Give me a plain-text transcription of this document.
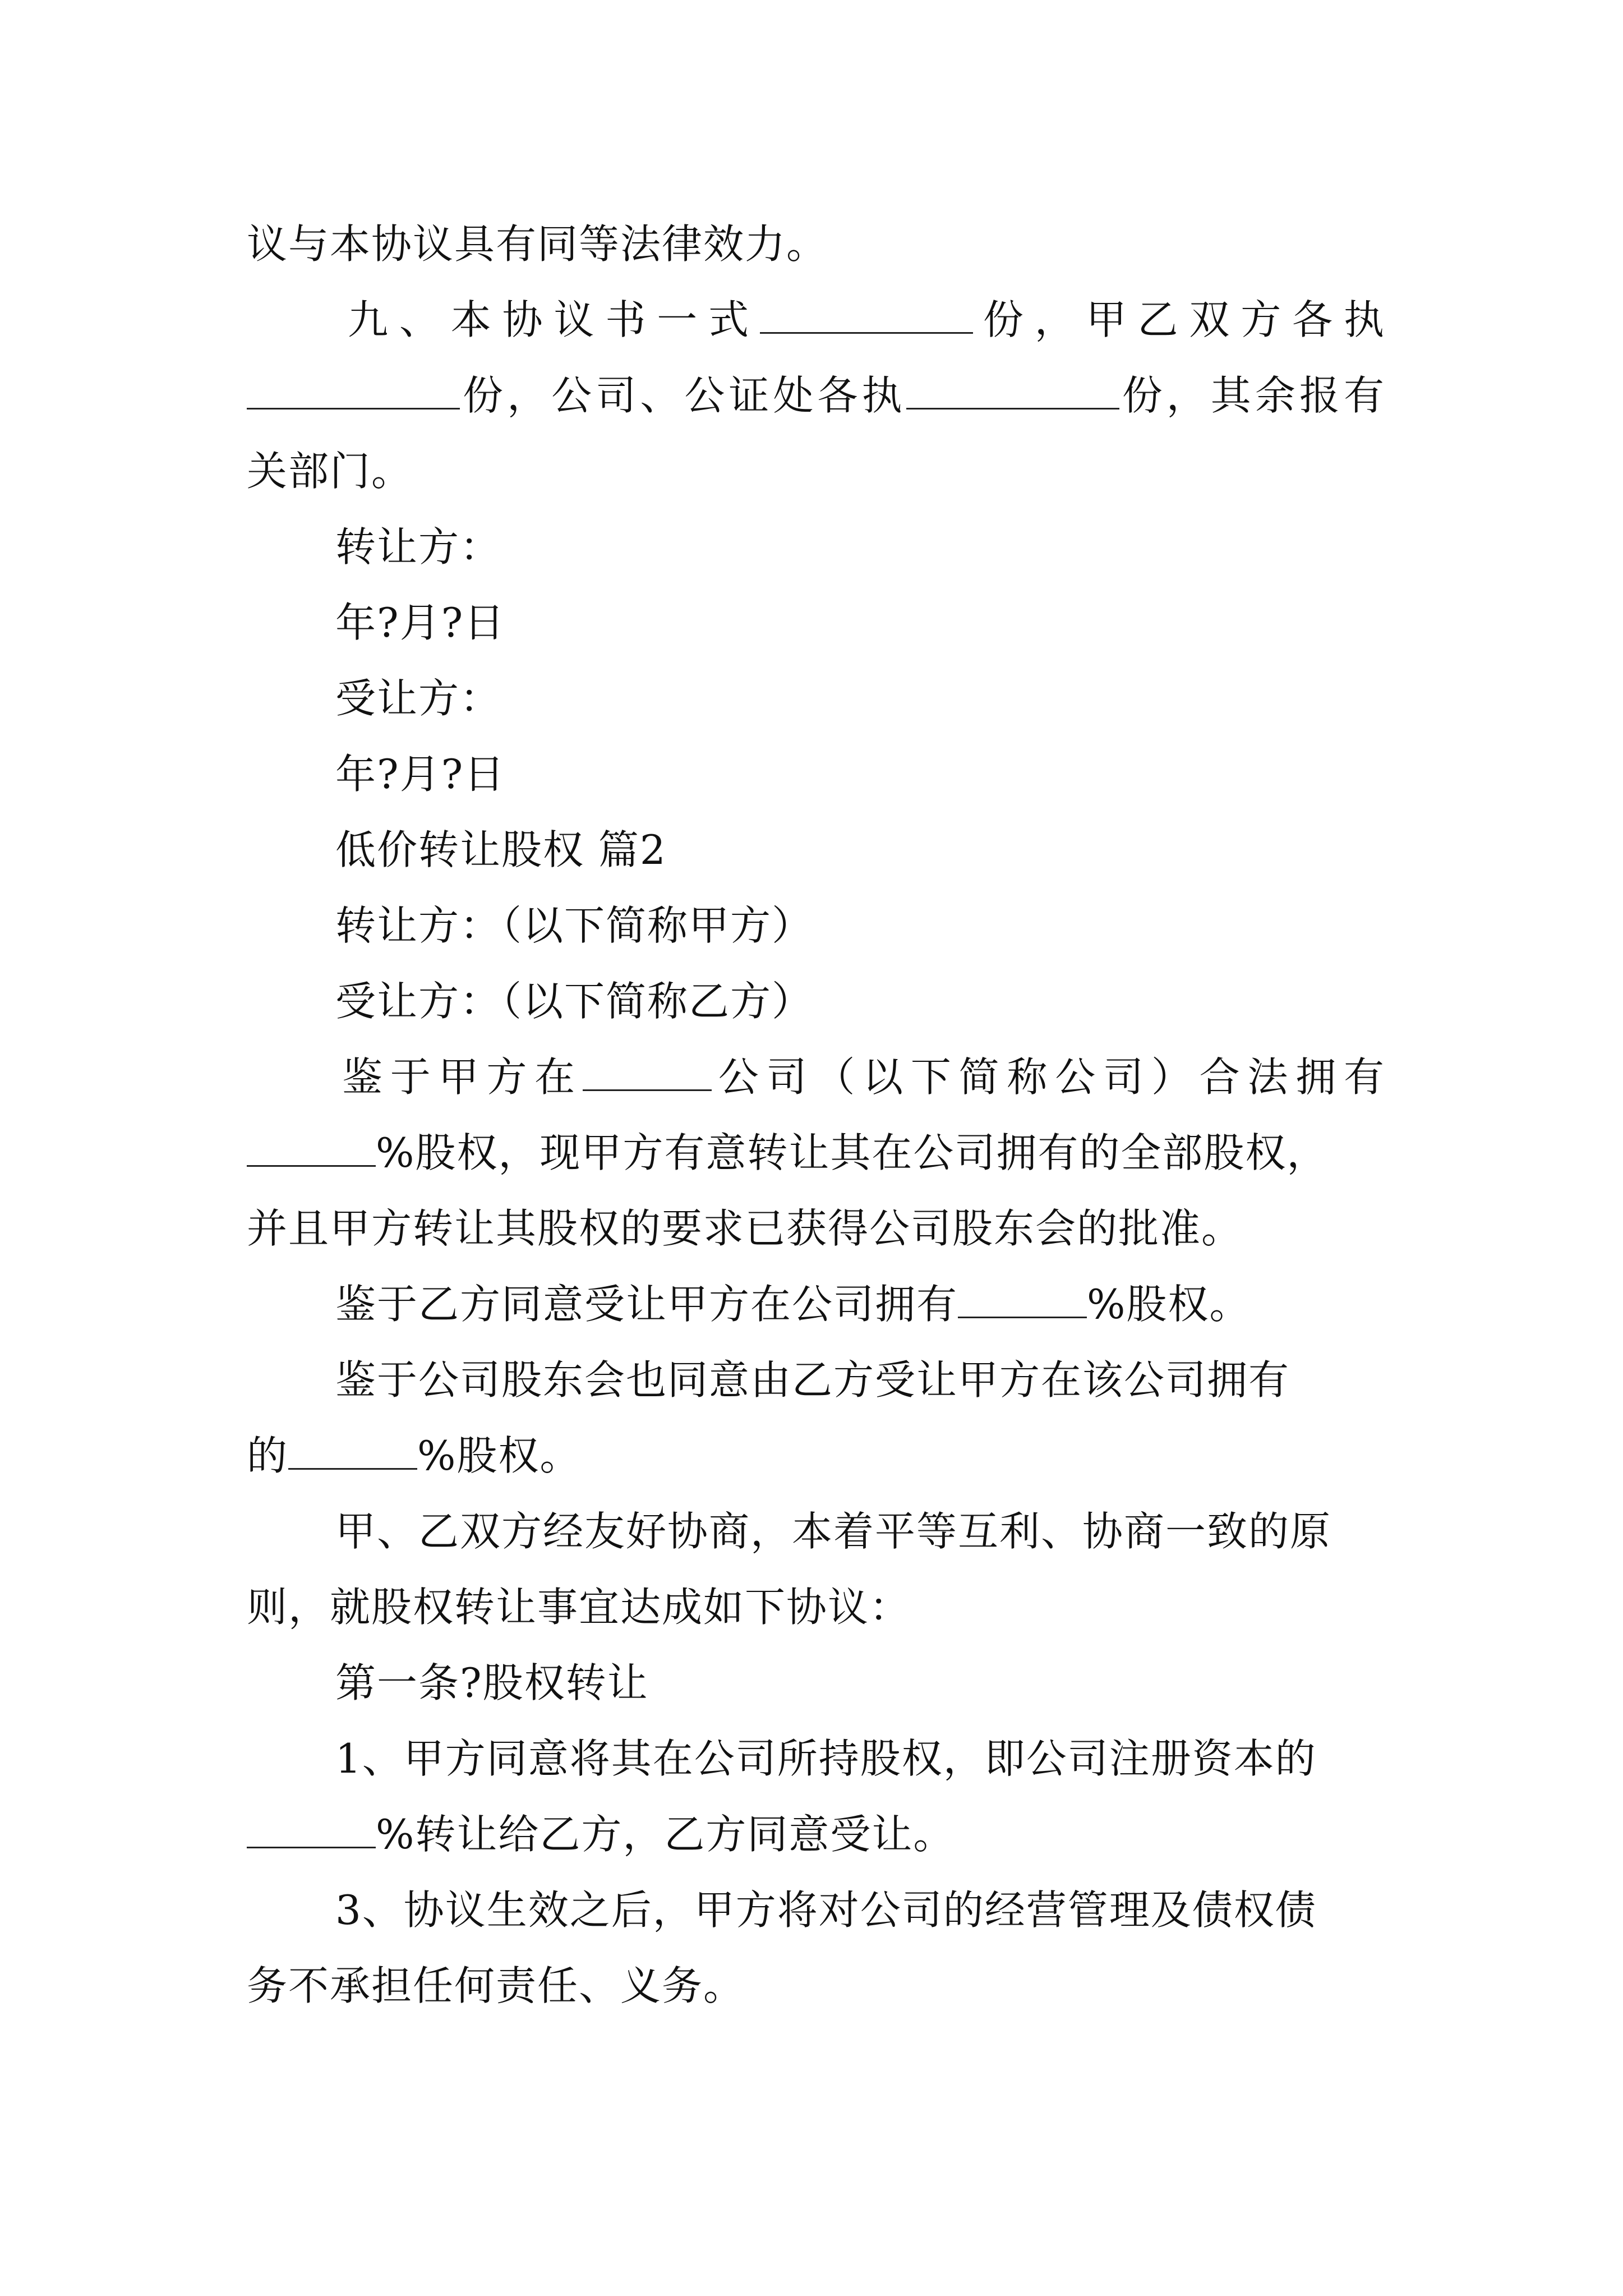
议与本协议具有同等法律效力。
九、本协议书一式	份，甲乙双方各执
份，公司、公证处各执	份，其余报有
关部门。
转让方：
年?月?日
受让方：
年?月?日
低价转让股权 篇2
转让方：（以下简称甲方）
受让方：（以下简称乙方）
鉴于甲方在	公司（以下简称公司）合法拥有
%股权，现甲方有意转让其在公司拥有的全部股权，
并且甲方转让其股权的要求已获得公司股东会的批准。
鉴于乙方同意受让甲方在公司拥有	%股权。
鉴于公司股东会也同意由乙方受让甲方在该公司拥有
的	%股权。
甲、乙双方经友好协商，本着平等互利、协商一致的原
则，就股权转让事宜达成如下协议：
第一条?股权转让
1、甲方同意将其在公司所持股权，即公司注册资本的
%转让给乙方，乙方同意受让。
3、协议生效之后，甲方将对公司的经营管理及债权债
务不承担任何责任、义务。
